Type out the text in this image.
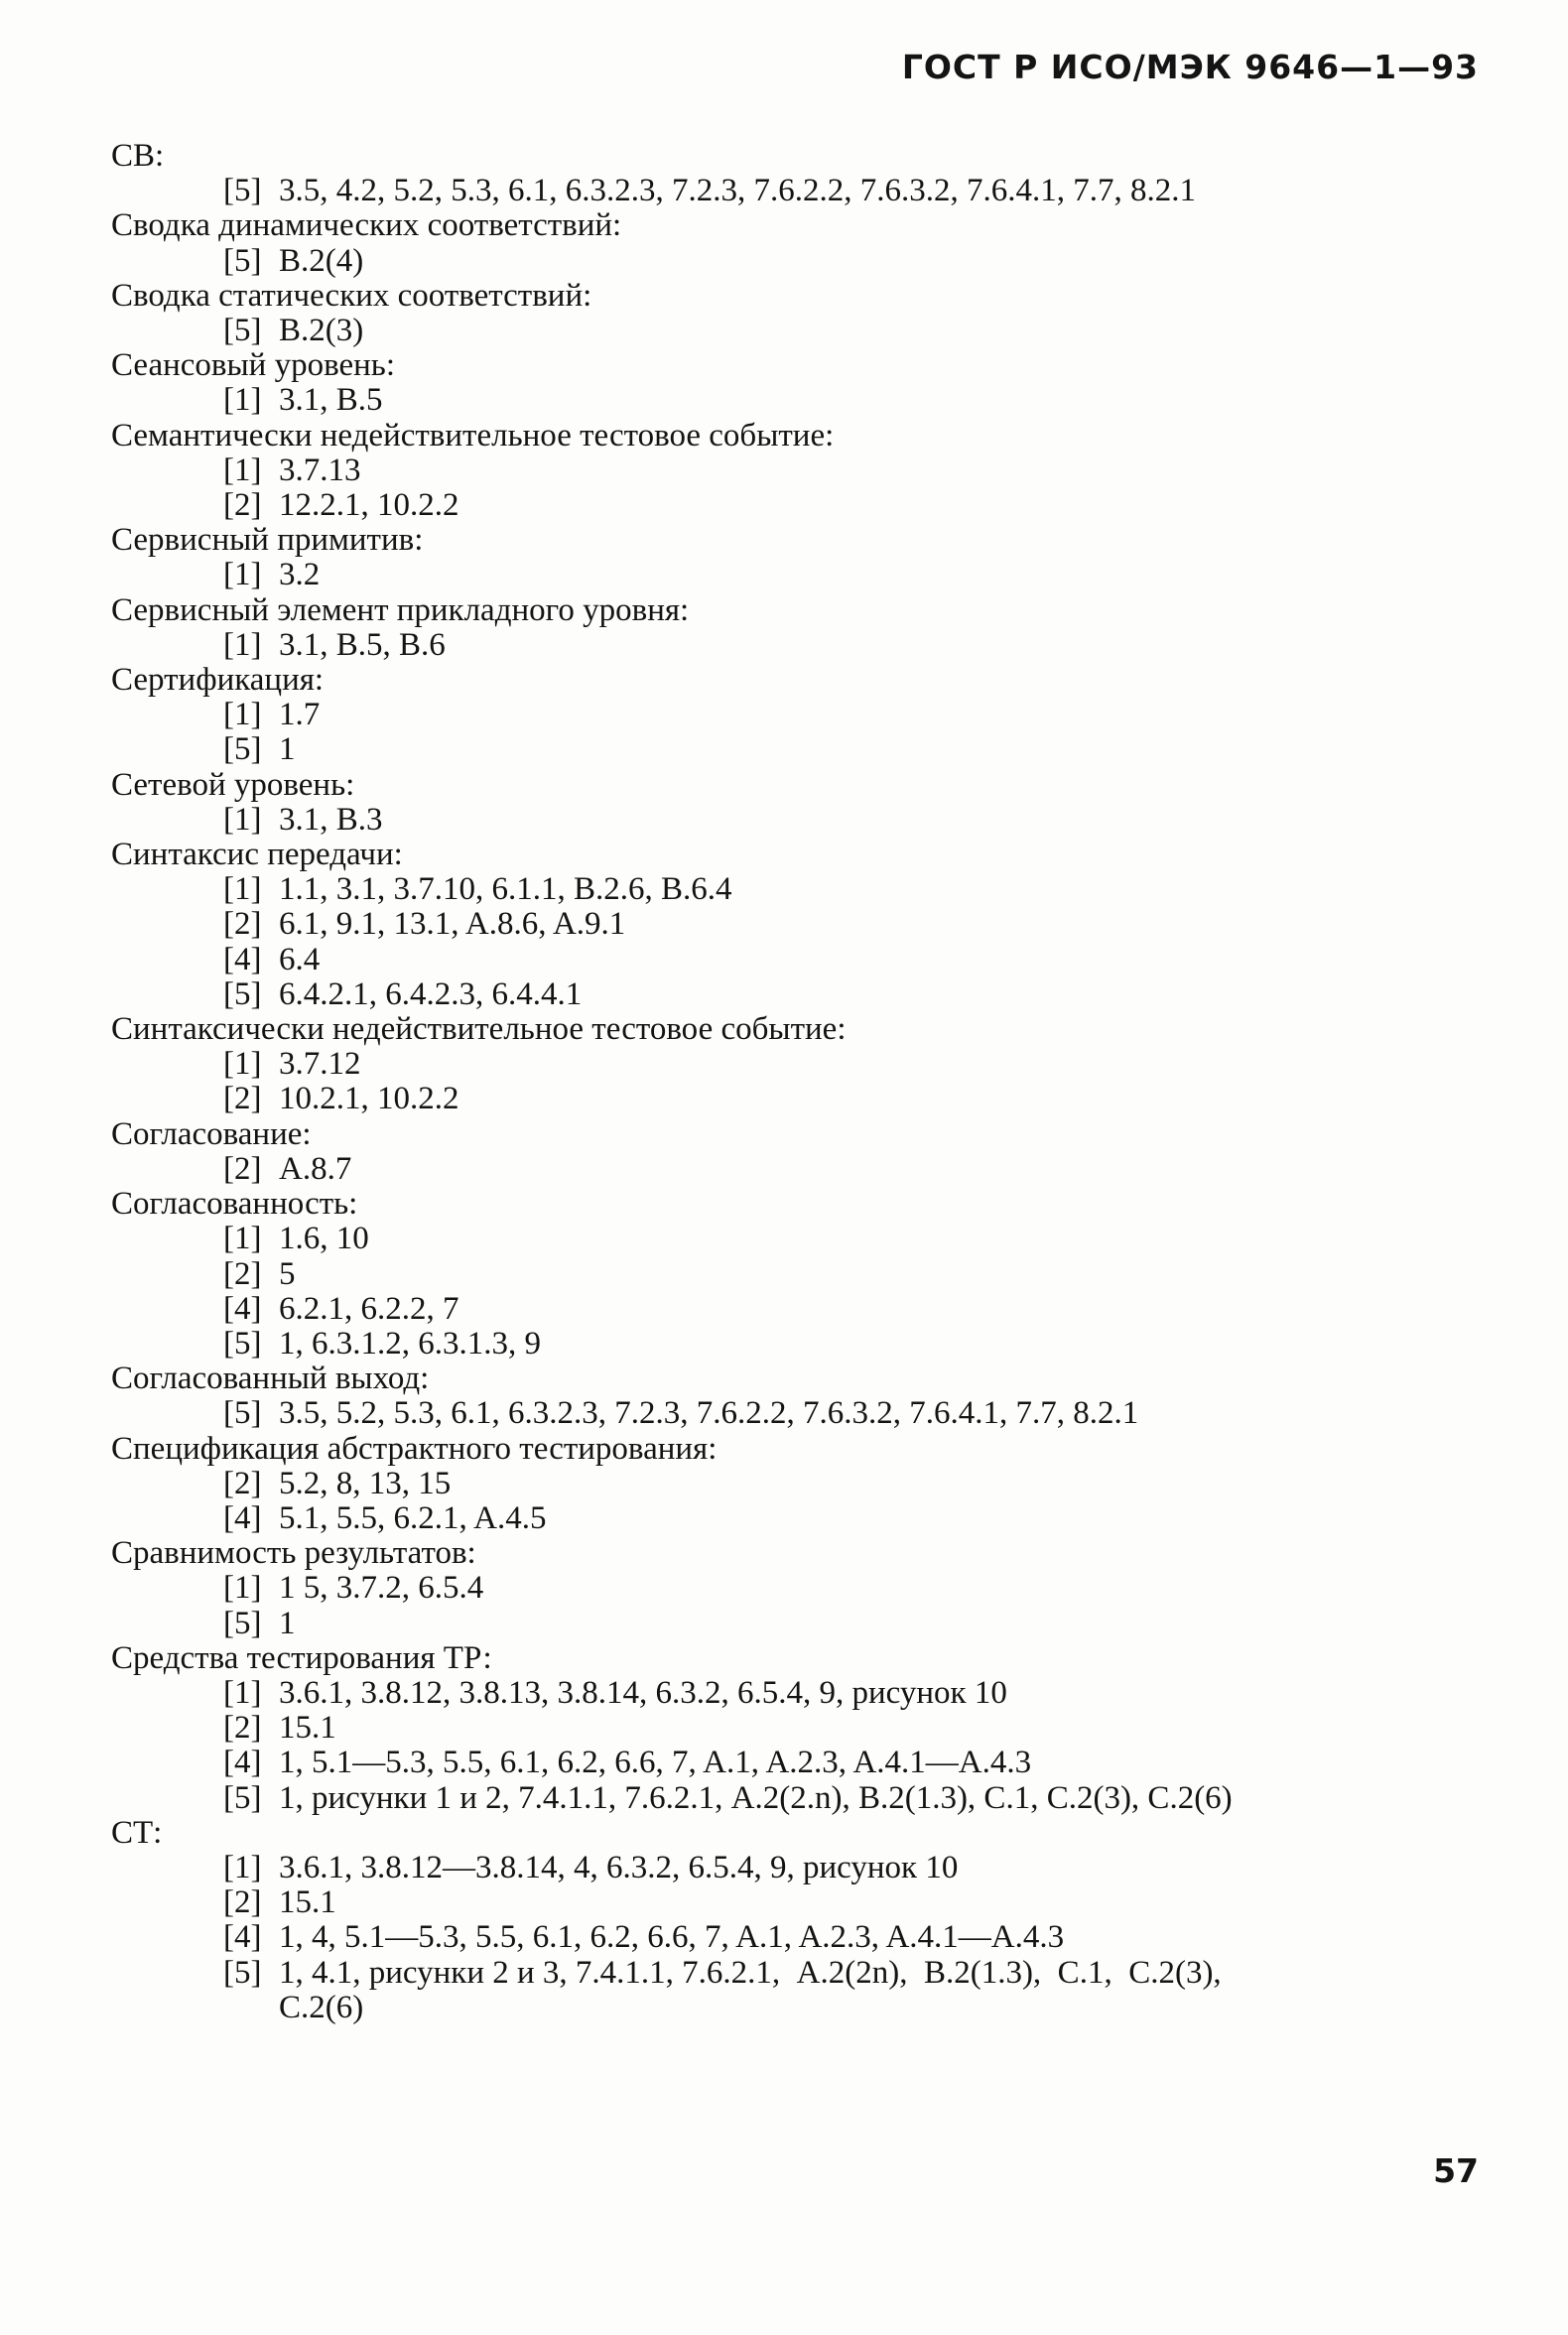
ГОСТ Р ИСО/МЭК 9646—1—93
СВ:
[5] 3.5, 4.2, 5.2, 5.3, 6.1, 6.3.2.3, 7.2.3, 7.6.2.2, 7.6.3.2, 7.6.4.1, 7.7, 8.2.1
Сводка динамических соответствий:
[5] B.2(4)
Сводка статических соответствий:
[5] B.2(3)
Сеансовый уровень:
[1] 3.1, B.5
Семантически недействительное тестовое событие:
[1] 3.7.13
[2] 12.2.1, 10.2.2
Сервисный примитив:
[1] 3.2
Сервисный элемент прикладного уровня:
[1] 3.1, B.5, B.6
Сертификация:
[1] 1.7
[5] 1
Сетевой уровень:
[1] 3.1, B.3
Синтаксис передачи:
[1] 1.1, 3.1, 3.7.10, 6.1.1, B.2.6, B.6.4
[2] 6.1, 9.1, 13.1, A.8.6, A.9.1
[4] 6.4
[5] 6.4.2.1, 6.4.2.3, 6.4.4.1
Синтаксически недействительное тестовое событие:
[1] 3.7.12
[2] 10.2.1, 10.2.2
Согласование:
[2] A.8.7
Согласованность:
[1] 1.6, 10
[2] 5
[4] 6.2.1, 6.2.2, 7
[5] 1, 6.3.1.2, 6.3.1.3, 9
Согласованный выход:
[5] 3.5, 5.2, 5.3, 6.1, 6.3.2.3, 7.2.3, 7.6.2.2, 7.6.3.2, 7.6.4.1, 7.7, 8.2.1
Спецификация абстрактного тестирования:
[2] 5.2, 8, 13, 15
[4] 5.1, 5.5, 6.2.1, A.4.5
Сравнимость результатов:
[1] 1 5, 3.7.2, 6.5.4
[5] 1
Средства тестирования ТР:
[1] 3.6.1, 3.8.12, 3.8.13, 3.8.14, 6.3.2, 6.5.4, 9, рисунок 10
[2] 15.1
[4] 1, 5.1—5.3, 5.5, 6.1, 6.2, 6.6, 7, A.1, A.2.3, A.4.1—A.4.3
[5] 1, рисунки 1 и 2, 7.4.1.1, 7.6.2.1, A.2(2.n), B.2(1.3), C.1, C.2(3), C.2(6)
СТ:
[1] 3.6.1, 3.8.12—3.8.14, 4, 6.3.2, 6.5.4, 9, рисунок 10
[2] 15.1
[4] 1, 4, 5.1—5.3, 5.5, 6.1, 6.2, 6.6, 7, A.1, A.2.3, A.4.1—A.4.3
[5] 1, 4.1, рисунки 2 и 3, 7.4.1.1, 7.6.2.1,  A.2(2n),  B.2(1.3),  C.1,  C.2(3),
C.2(6)
57
